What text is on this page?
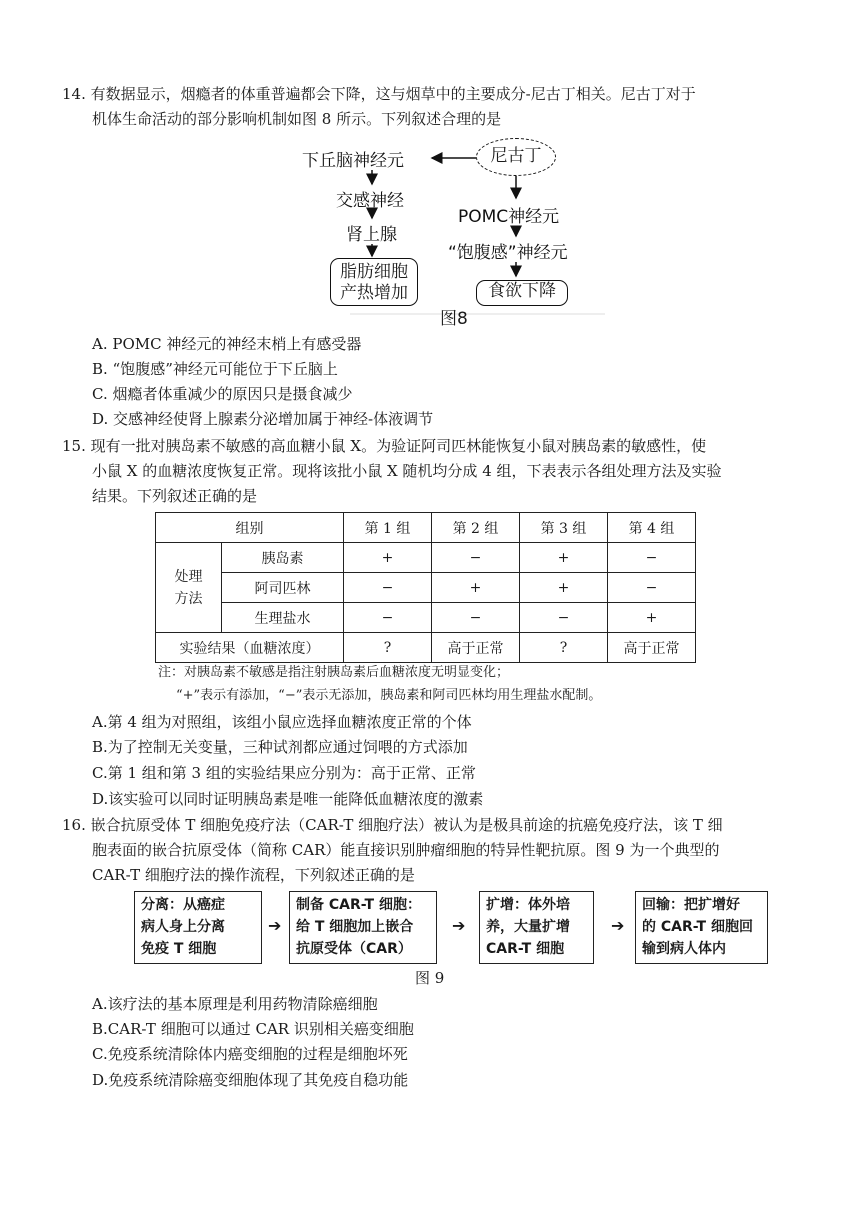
14. 有数据显示，烟瘾者的体重普遍都会下降，这与烟草中的主要成分-尼古丁相关。尼古丁对于
机体生命活动的部分影响机制如图 8 所示。下列叙述合理的是
下丘脑神经元	尼古丁
交感神经
肾上腺
脂肪细胞
产热增加
POMC神经元
“饱腹感”神经元
食欲下降
图8
A. POMC 神经元的神经末梢上有感受器
B. “饱腹感”神经元可能位于下丘脑上
C. 烟瘾者体重减少的原因只是摄食减少
D. 交感神经使肾上腺素分泌增加属于神经-体液调节
15. 现有一批对胰岛素不敏感的高血糖小鼠 X。为验证阿司匹林能恢复小鼠对胰岛素的敏感性，使
小鼠 X 的血糖浓度恢复正常。现将该批小鼠 X 随机均分成 4 组，下表表示各组处理方法及实验
结果。下列叙述正确的是
组别		第 1 组	第 2 组	第 3 组	第 4 组

处理
方法	胰岛素	+	−	+	−
	阿司匹林	−	+	+	−
	生理盐水	−	−	−	+
实验结果（血糖浓度）		?	高于正常	?	高于正常
注：对胰岛素不敏感是指注射胰岛素后血糖浓度无明显变化；
“+”表示有添加，“−”表示无添加，胰岛素和阿司匹林均用生理盐水配制。
A.第 4 组为对照组，该组小鼠应选择血糖浓度正常的个体
B.为了控制无关变量，三种试剂都应通过饲喂的方式添加
C.第 1 组和第 3 组的实验结果应分别为：高于正常、正常
D.该实验可以同时证明胰岛素是唯一能降低血糖浓度的激素
16. 嵌合抗原受体 T 细胞免疫疗法（CAR-T 细胞疗法）被认为是极具前途的抗癌免疫疗法，该 T 细
胞表面的嵌合抗原受体（简称 CAR）能直接识别肿瘤细胞的特异性靶抗原。图 9 为一个典型的
CAR-T 细胞疗法的操作流程，下列叙述正确的是
分离：从癌症
病人身上分离
免疫 T 细胞
➔
制备 CAR-T 细胞：
给 T 细胞加上嵌合
抗原受体（CAR）
➔
扩增：体外培
养，大量扩增
CAR-T 细胞
➔
回输：把扩增好
的 CAR-T 细胞回
输到病人体内
图 9
A.该疗法的基本原理是利用药物清除癌细胞
B.CAR-T 细胞可以通过 CAR 识别相关癌变细胞
C.免疫系统清除体内癌变细胞的过程是细胞坏死
D.免疫系统清除癌变细胞体现了其免疫自稳功能
